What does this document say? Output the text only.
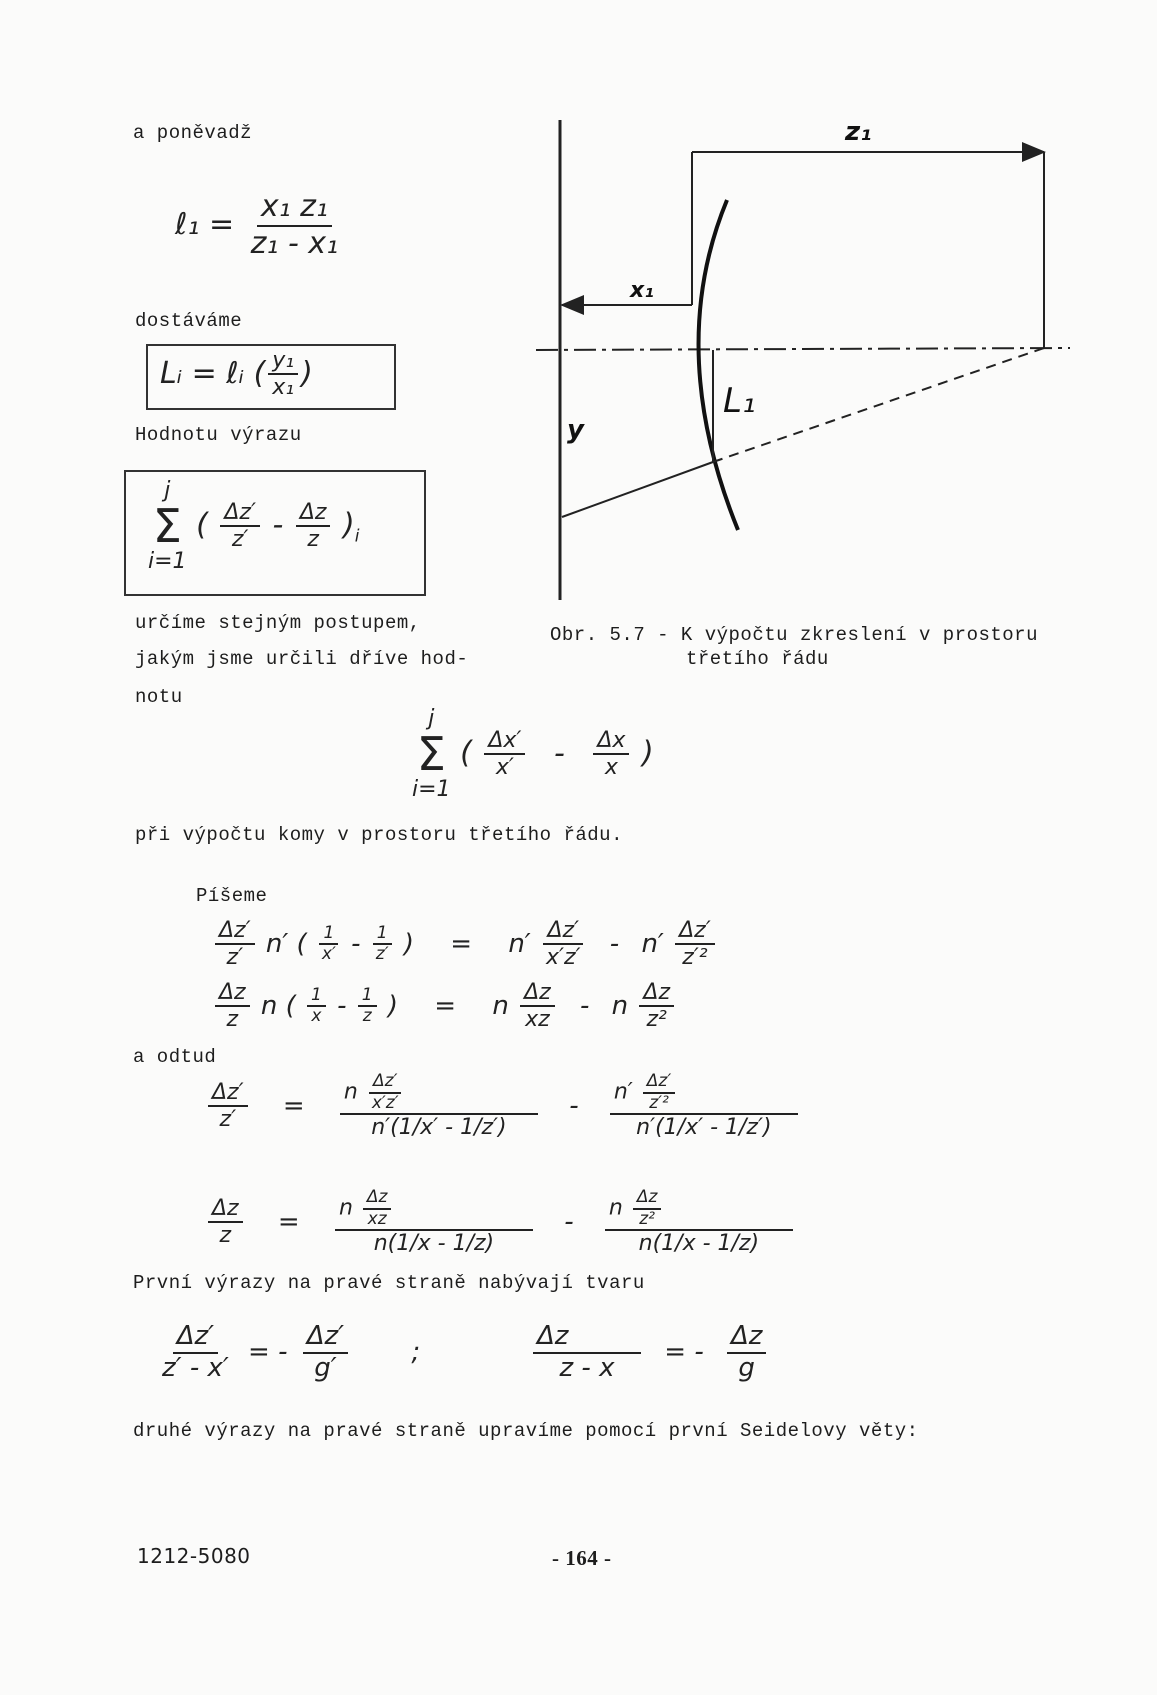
a poněvadž
ℓ₁ = $\frac{\text{x₁ z₁}}{\text{z₁ - x₁}}$
dostáváme
Lᵢ = ℓᵢ ( $\frac{\text{y₁}}{\text{x₁}}$ )
Hodnotu výrazu
j
Σ
i=1
( $\frac{\Delta z'}{z'} - \frac{\Delta z}{z} )_i$
určíme stejným postupem,
jakým jsme určili dříve hod-
notu
z₁
x₁
L₁
y
Obr. 5.7 - K výpočtu zkreslení v prostoru
třetího řádu
j
Σ
i=1
( $\frac{\Delta x'}{x'} - \frac{\Delta x}{x}$ )
při výpočtu komy v prostoru třetího řádu.
Píšeme
$\frac{\Delta z'}{z'} n'$ ( $\frac{1}{x'} - \frac{1}{z'}$ ) = $n' \frac{\Delta z'}{x'z'} - n' \frac{\Delta z'}{\text{z′²}}$
$\frac{\Delta z}{z}$ n ( $\frac{1}{x} - \frac{1}{z}$ ) = n $\frac{\Delta z}{xz}$ - n $\frac{\Delta z}{\text{z²}}$
a odtud
$\frac{\Delta z'}{z'} = \frac{n \frac{\Delta z'}{x'z'}}{n'(1/x' - 1/z')} - \frac{n' \frac{\Delta z'}{\text{z′²}}}{n'(1/x' - 1/z')}$
$\frac{\Delta z}{z} = \frac{n \frac{\Delta z}{xz}}{n(1/x - 1/z)} - \frac{n \frac{\Delta z}{\text{z²}}}{n(1/x - 1/z)}$
První výrazy na pravé straně nabývají tvaru
$\frac{\Delta z'}{z' - x'}$ = - $\frac{\Delta z'}{g'}$ ;	$\frac{\Delta z}{z - x}$ = - $\frac{\Delta z}{g}$
druhé výrazy na pravé straně upravíme pomocí první Seidelovy věty:
1212-5080	- 164 -
